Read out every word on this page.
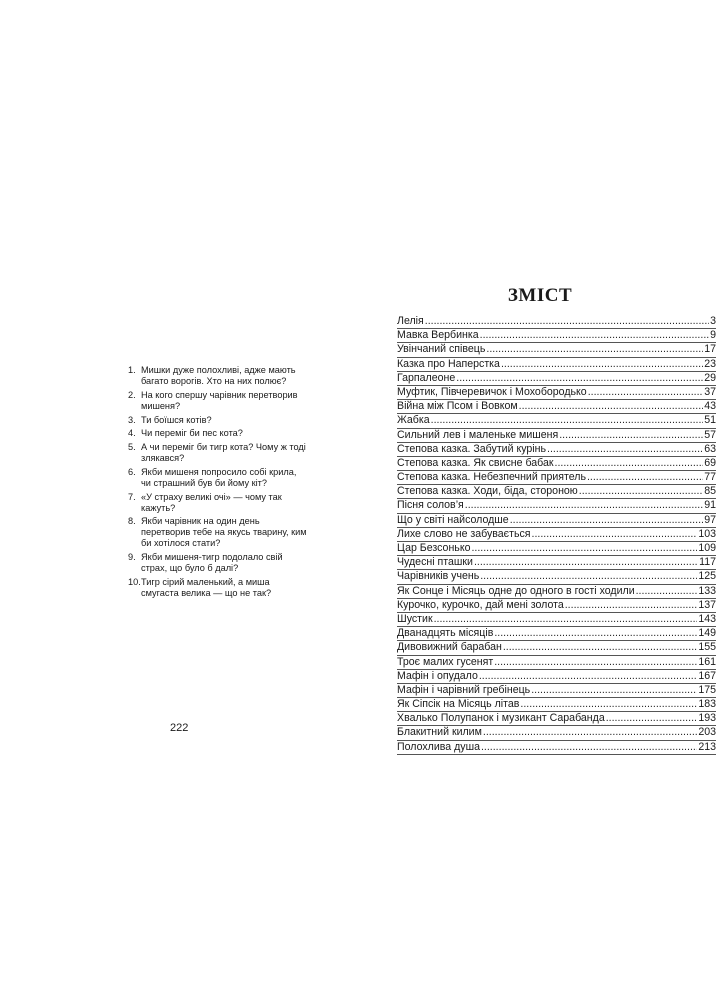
1. Мишки дуже полохливі, адже мають багато ворогів. Хто на них полює?
2. На кого спершу чарівник перетворив мишеня?
3. Ти боїшся котів?
4. Чи переміг би пес кота?
5. А чи переміг би тигр кота? Чому ж тоді злякався?
6. Якби мишеня попросило собі крила, чи страшний був би йому кіт?
7. «У страху великі очі» — чому так кажуть?
8. Якби чарівник на один день перетворив тебе на якусь тварину, ким би хотілося стати?
9. Якби мишеня-тигр подолало свій страх, що було б далі?
10. Тигр сірий маленький, а миша смугаста велика — що не так?
222
ЗМІСТ
Лелія .....	3
Мавка Вербинка .....	9
Увінчаний співець .....	17
Казка про Наперстка .....	23
Гарпалеоне .....	29
Муфтик, Півчеревичок і Мохобородько .....	37
Війна між Псом і Вовком .....	43
Жабка .....	51
Сильний лев і маленьке мишеня .....	57
Степова казка. Забутий курінь .....	63
Степова казка. Як свисне бабак .....	69
Степова казка. Небезпечний приятель .....	77
Степова казка. Ходи, біда, стороною .....	85
Пісня солов’я .....	91
Що у світі найсолодше .....	97
Лихе слово не забувається .....	103
Цар Безсонько .....	109
Чудесні пташки .....	117
Чарівників учень .....	125
Як Сонце і Місяць одне до одного в гості ходили .....	133
Курочко, курочко, дай мені золота .....	137
Шустик .....	143
Дванадцять місяців .....	149
Дивовижний барабан .....	155
Троє малих гусенят .....	161
Мафін і опудало .....	167
Мафін і чарівний гребінець .....	175
Як Сіпсік на Місяць літав .....	183
Хвалько Полупанок і музикант Сарабанда .....	193
Блакитний килим .....	203
Полохлива душа .....	213
